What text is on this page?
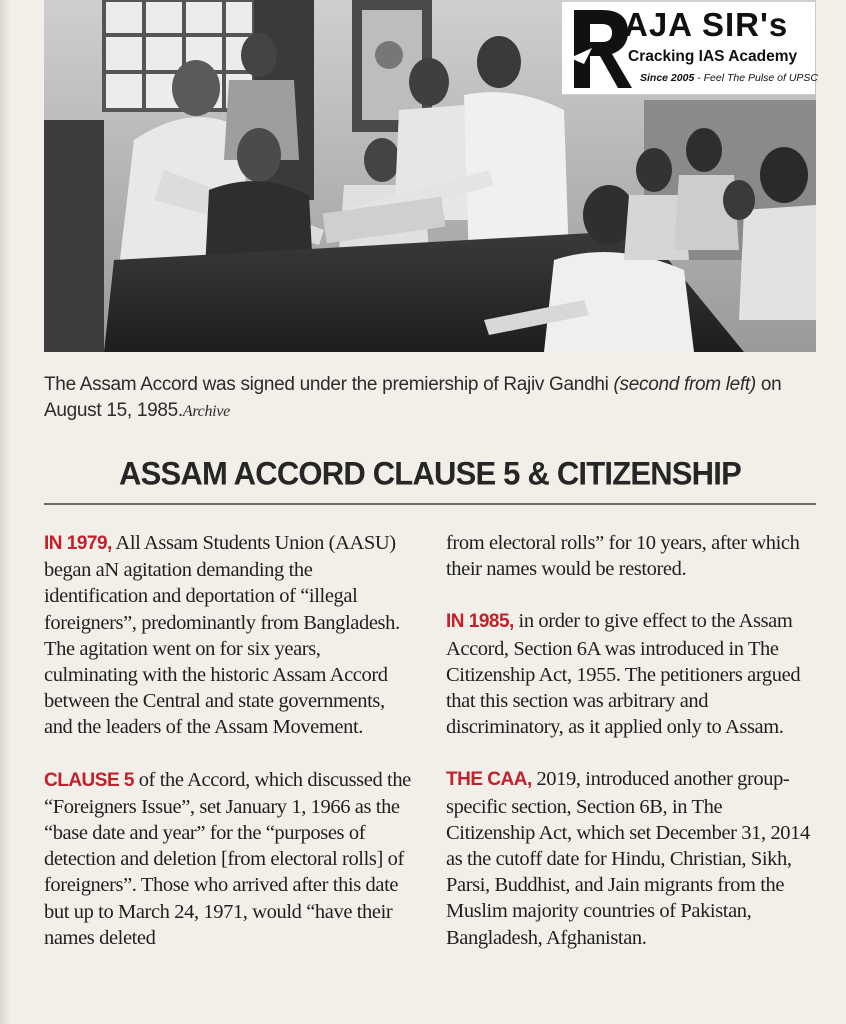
AJA SIR's
Cracking IAS Academy
Since 2005 - Feel The Pulse of UPSC
The Assam Accord was signed under the premiership of Rajiv Gandhi (second from left) on August 15, 1985.Archive
ASSAM ACCORD CLAUSE 5 & CITIZENSHIP

IN 1979, All Assam Students Union (AASU) began aN agitation demanding the identification and deportation of “illegal foreigners”, predominantly from Bangladesh. The agitation went on for six years, culminating with the historic Assam Accord between the Central and state governments, and the leaders of the Assam Movement.

CLAUSE 5 of the Accord, which discussed the “Foreigners Issue”, set January 1, 1966 as the “base date and year” for the “purposes of detection and deletion [from electoral rolls] of foreigners”. Those who arrived after this date but up to March 24, 1971, would “have their names deleted

from electoral rolls” for 10 years, after which their names would be restored.

IN 1985, in order to give effect to the Assam Accord, Section 6A was introduced in The Citizenship Act, 1955. The petitioners argued that this section was arbitrary and discriminatory, as it applied only to Assam.

THE CAA, 2019, introduced another group-specific section, Section 6B, in The Citizenship Act, which set December 31, 2014 as the cutoff date for Hindu, Christian, Sikh, Parsi, Buddhist, and Jain migrants from the Muslim majority countries of Pakistan, Bangladesh, Afghanistan.
